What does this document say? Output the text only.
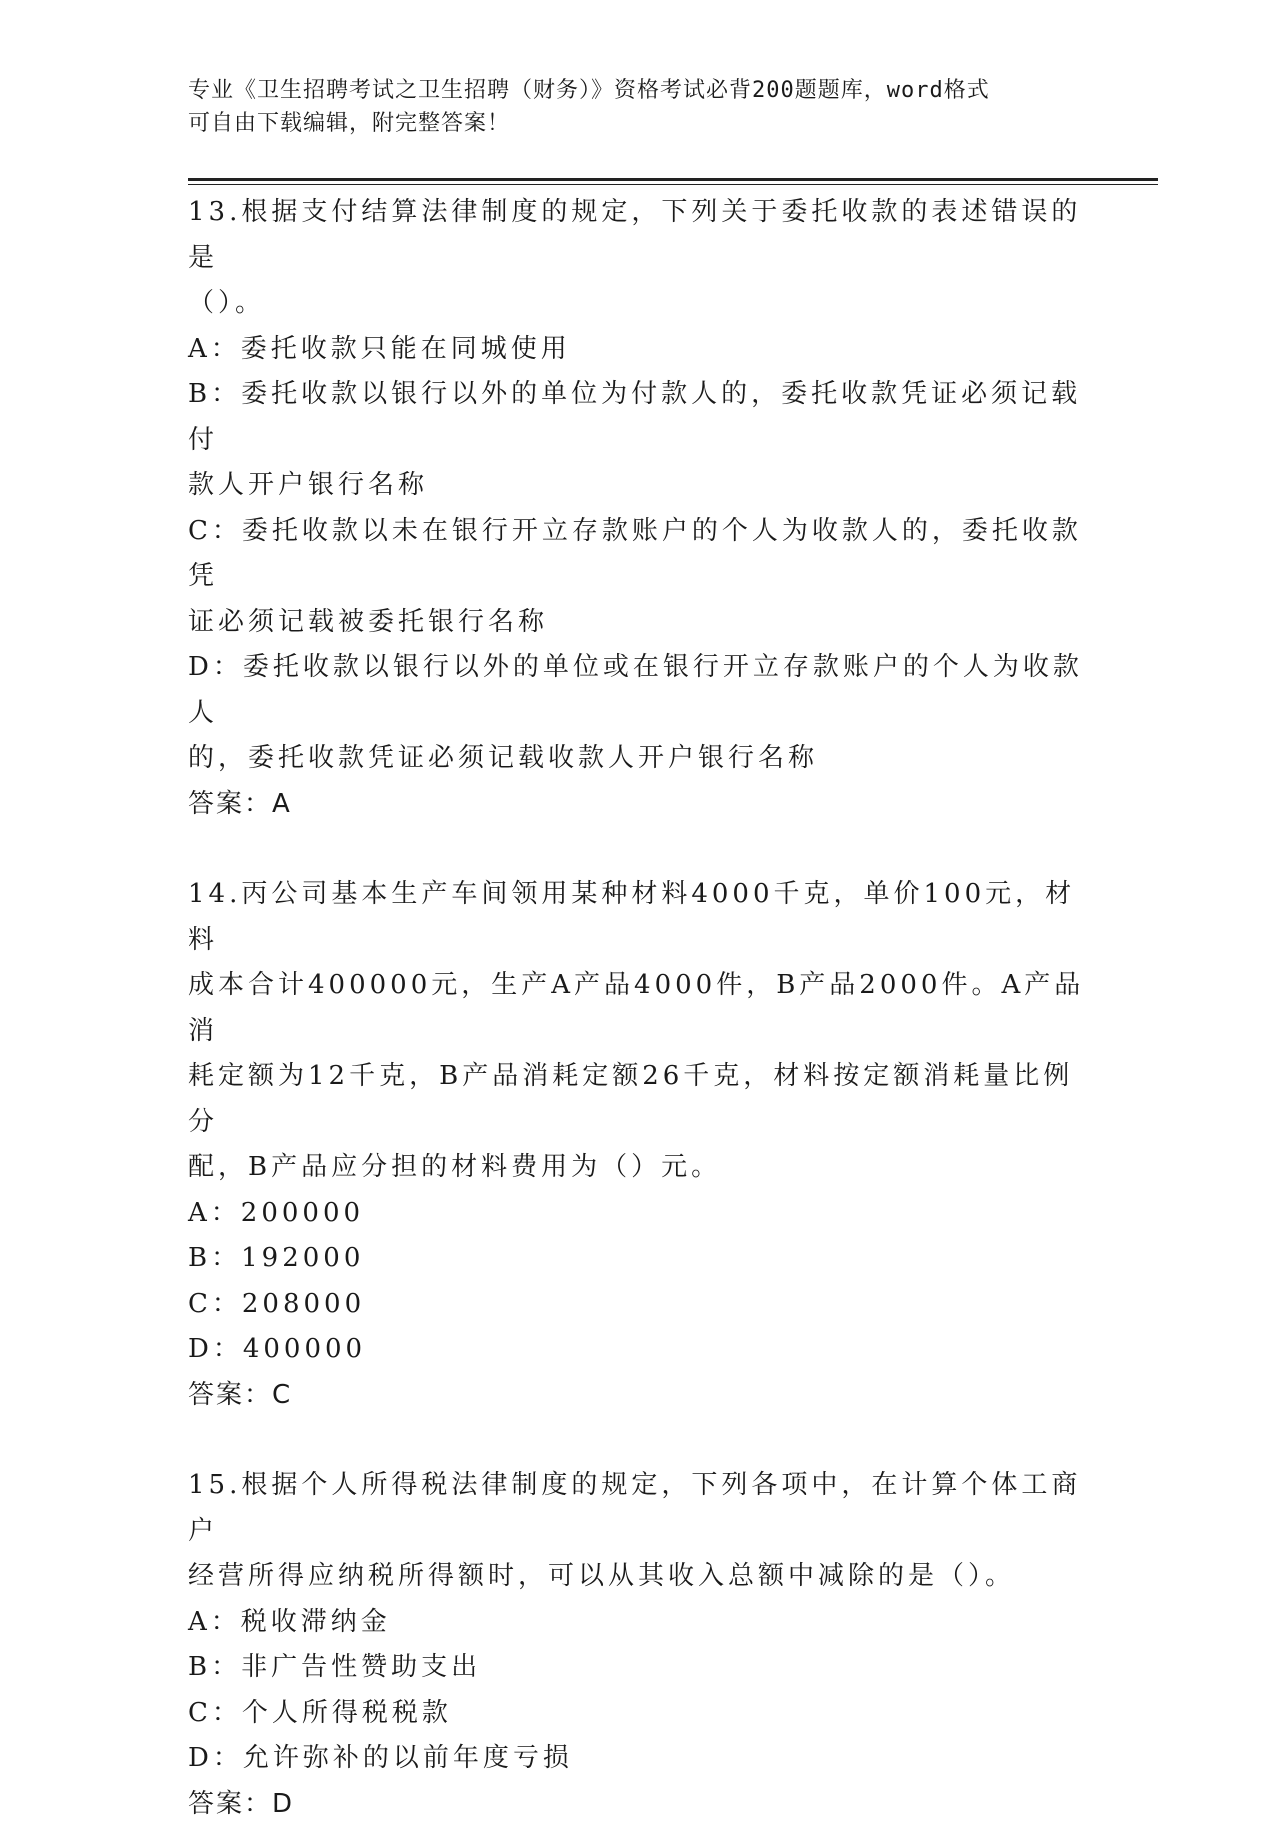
专业《卫生招聘考试之卫生招聘（财务）》资格考试必背200题题库，word格式
可自由下载编辑，附完整答案！
13.根据支付结算法律制度的规定，下列关于委托收款的表述错误的是
（）。
A：委托收款只能在同城使用
B：委托收款以银行以外的单位为付款人的，委托收款凭证必须记载付
款人开户银行名称
C：委托收款以未在银行开立存款账户的个人为收款人的，委托收款凭
证必须记载被委托银行名称
D：委托收款以银行以外的单位或在银行开立存款账户的个人为收款人
的，委托收款凭证必须记载收款人开户银行名称
答案：A
14.丙公司基本生产车间领用某种材料4000千克，单价100元，材料
成本合计400000元，生产A产品4000件，B产品2000件。A产品消
耗定额为12千克，B产品消耗定额26千克，材料按定额消耗量比例分
配，B产品应分担的材料费用为（）元。
A：200000
B：192000
C：208000
D：400000
答案：C
15.根据个人所得税法律制度的规定，下列各项中，在计算个体工商户
经营所得应纳税所得额时，可以从其收入总额中减除的是（）。
A：税收滞纳金
B：非广告性赞助支出
C：个人所得税税款
D：允许弥补的以前年度亏损
答案：D
